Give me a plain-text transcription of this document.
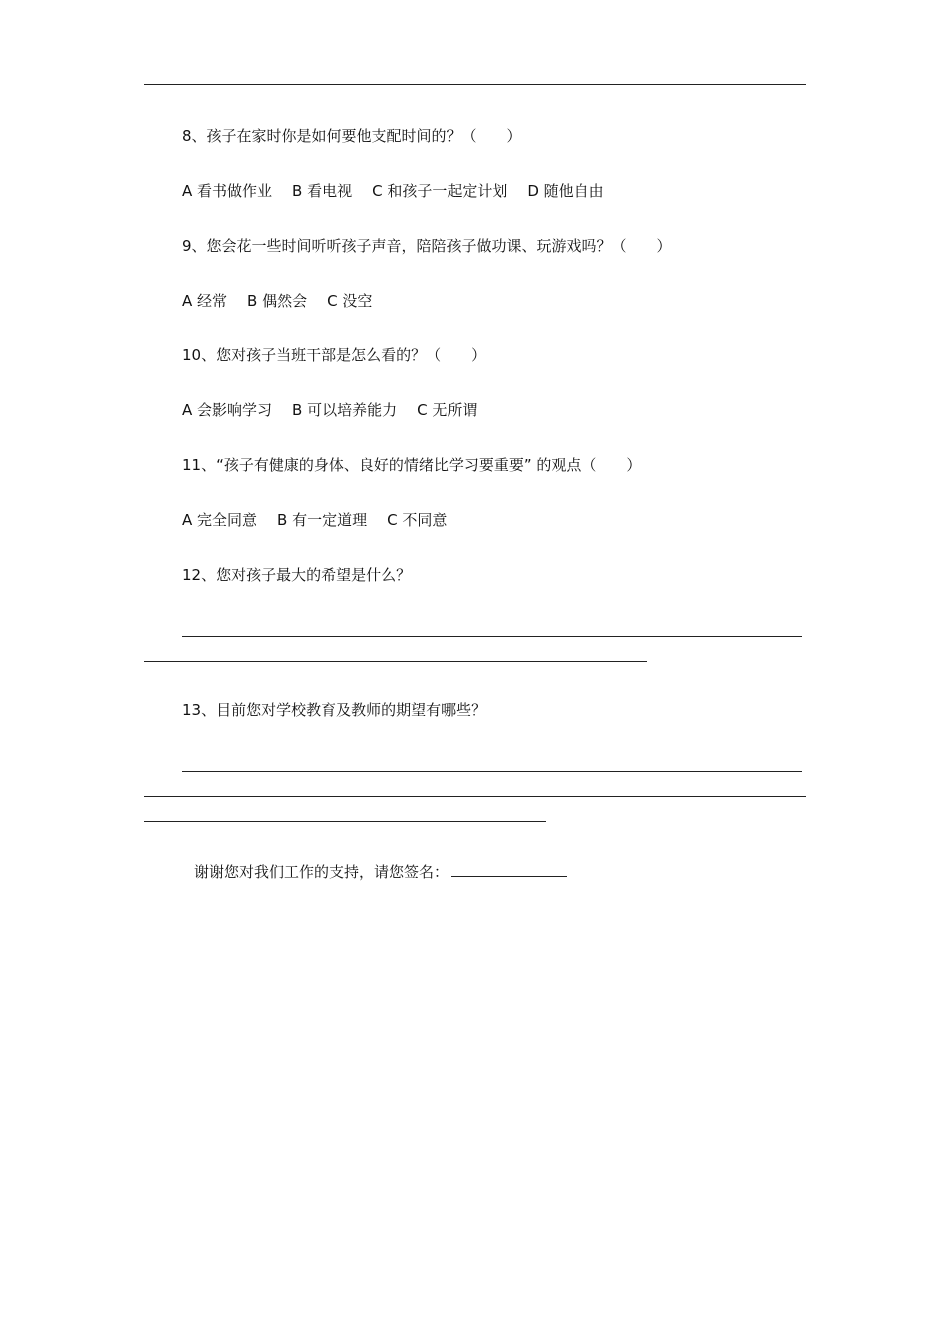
8、孩子在家时你是如何要他支配时间的？（　　）
A 看书做作业 B 看电视 C 和孩子一起定计划 D 随他自由
9、您会花一些时间听听孩子声音，陪陪孩子做功课、玩游戏吗？（　　）
A 经常 B 偶然会 C 没空
10、您对孩子当班干部是怎么看的？（　　）
A 会影响学习 B 可以培养能力 C 无所谓
11、“孩子有健康的身体、良好的情绪比学习要重要” 的观点（　　）
A 完全同意 B 有一定道理 C 不同意
12、您对孩子最大的希望是什么？
13、目前您对学校教育及教师的期望有哪些？
谢谢您对我们工作的支持，请您签名：
